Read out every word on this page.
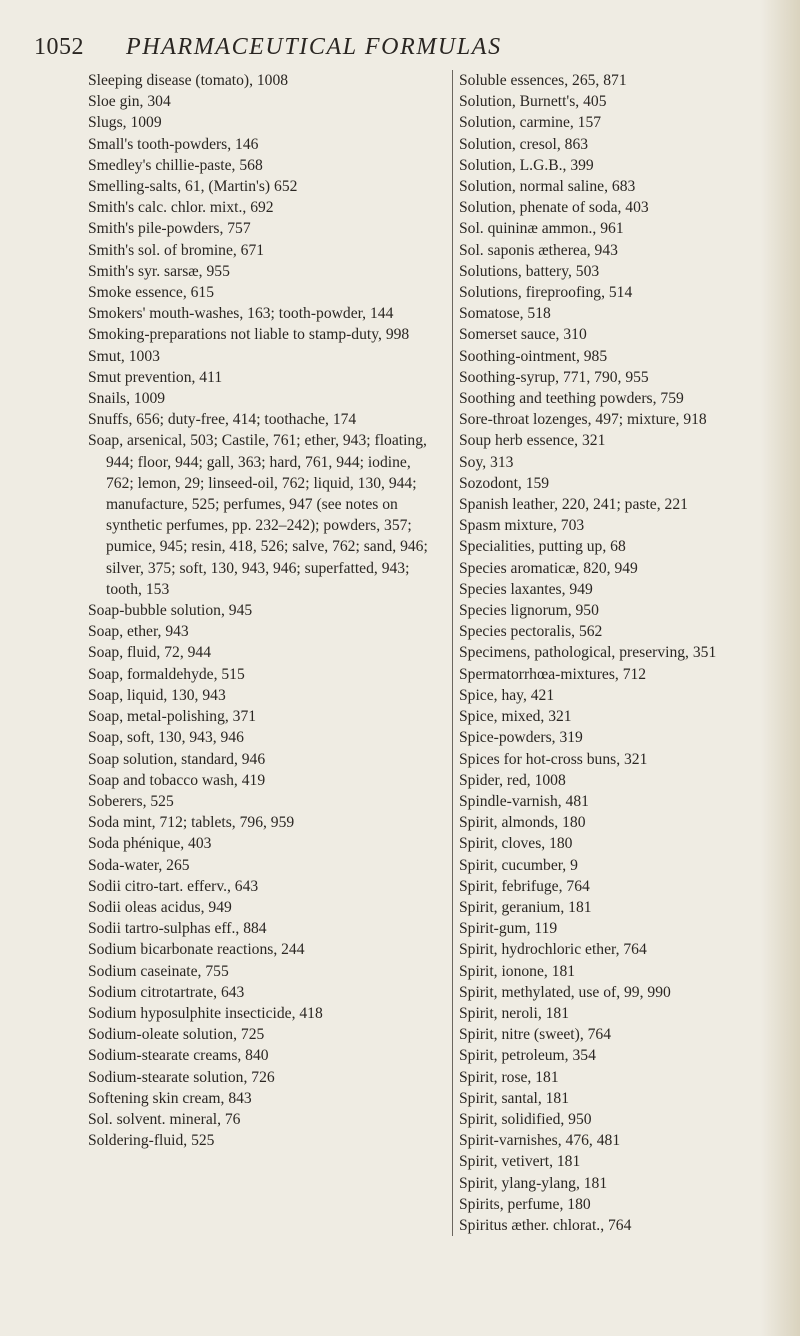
1052 PHARMACEUTICAL FORMULAS
Sleeping disease (tomato), 1008
Sloe gin, 304
Slugs, 1009
Small's tooth-powders, 146
Smedley's chillie-paste, 568
Smelling-salts, 61, (Martin's) 652
Smith's calc. chlor. mixt., 692
Smith's pile-powders, 757
Smith's sol. of bromine, 671
Smith's syr. sarsæ, 955
Smoke essence, 615
Smokers' mouth-washes, 163; tooth-powder, 144
Smoking-preparations not liable to stamp-duty, 998
Smut, 1003
Smut prevention, 411
Snails, 1009
Snuffs, 656; duty-free, 414; toothache, 174
Soap, arsenical, 503; Castile, 761; ether, 943; floating, 944; floor, 944; gall, 363; hard, 761, 944; iodine, 762; lemon, 29; linseed-oil, 762; liquid, 130, 944; manufacture, 525; perfumes, 947 (see notes on synthetic perfumes, pp. 232–242); powders, 357; pumice, 945; resin, 418, 526; salve, 762; sand, 946; silver, 375; soft, 130, 943, 946; superfatted, 943; tooth, 153
Soap-bubble solution, 945
Soap, ether, 943
Soap, fluid, 72, 944
Soap, formaldehyde, 515
Soap, liquid, 130, 943
Soap, metal-polishing, 371
Soap, soft, 130, 943, 946
Soap solution, standard, 946
Soap and tobacco wash, 419
Soberers, 525
Soda mint, 712; tablets, 796, 959
Soda phénique, 403
Soda-water, 265
Sodii citro-tart. efferv., 643
Sodii oleas acidus, 949
Sodii tartro-sulphas eff., 884
Sodium bicarbonate reactions, 244
Sodium caseinate, 755
Sodium citrotartrate, 643
Sodium hyposulphite insecticide, 418
Sodium-oleate solution, 725
Sodium-stearate creams, 840
Sodium-stearate solution, 726
Softening skin cream, 843
Sol. solvent. mineral, 76
Soldering-fluid, 525
Soluble essences, 265, 871
Solution, Burnett's, 405
Solution, carmine, 157
Solution, cresol, 863
Solution, L.G.B., 399
Solution, normal saline, 683
Solution, phenate of soda, 403
Sol. quininæ ammon., 961
Sol. saponis ætherea, 943
Solutions, battery, 503
Solutions, fireproofing, 514
Somatose, 518
Somerset sauce, 310
Soothing-ointment, 985
Soothing-syrup, 771, 790, 955
Soothing and teething powders, 759
Sore-throat lozenges, 497; mixture, 918
Soup herb essence, 321
Soy, 313
Sozodont, 159
Spanish leather, 220, 241; paste, 221
Spasm mixture, 703
Specialities, putting up, 68
Species aromaticæ, 820, 949
Species laxantes, 949
Species lignorum, 950
Species pectoralis, 562
Specimens, pathological, preserving, 351
Spermatorrhœa-mixtures, 712
Spice, hay, 421
Spice, mixed, 321
Spice-powders, 319
Spices for hot-cross buns, 321
Spider, red, 1008
Spindle-varnish, 481
Spirit, almonds, 180
Spirit, cloves, 180
Spirit, cucumber, 9
Spirit, febrifuge, 764
Spirit, geranium, 181
Spirit-gum, 119
Spirit, hydrochloric ether, 764
Spirit, ionone, 181
Spirit, methylated, use of, 99, 990
Spirit, neroli, 181
Spirit, nitre (sweet), 764
Spirit, petroleum, 354
Spirit, rose, 181
Spirit, santal, 181
Spirit, solidified, 950
Spirit-varnishes, 476, 481
Spirit, vetivert, 181
Spirit, ylang-ylang, 181
Spirits, perfume, 180
Spiritus æther. chlorat., 764
